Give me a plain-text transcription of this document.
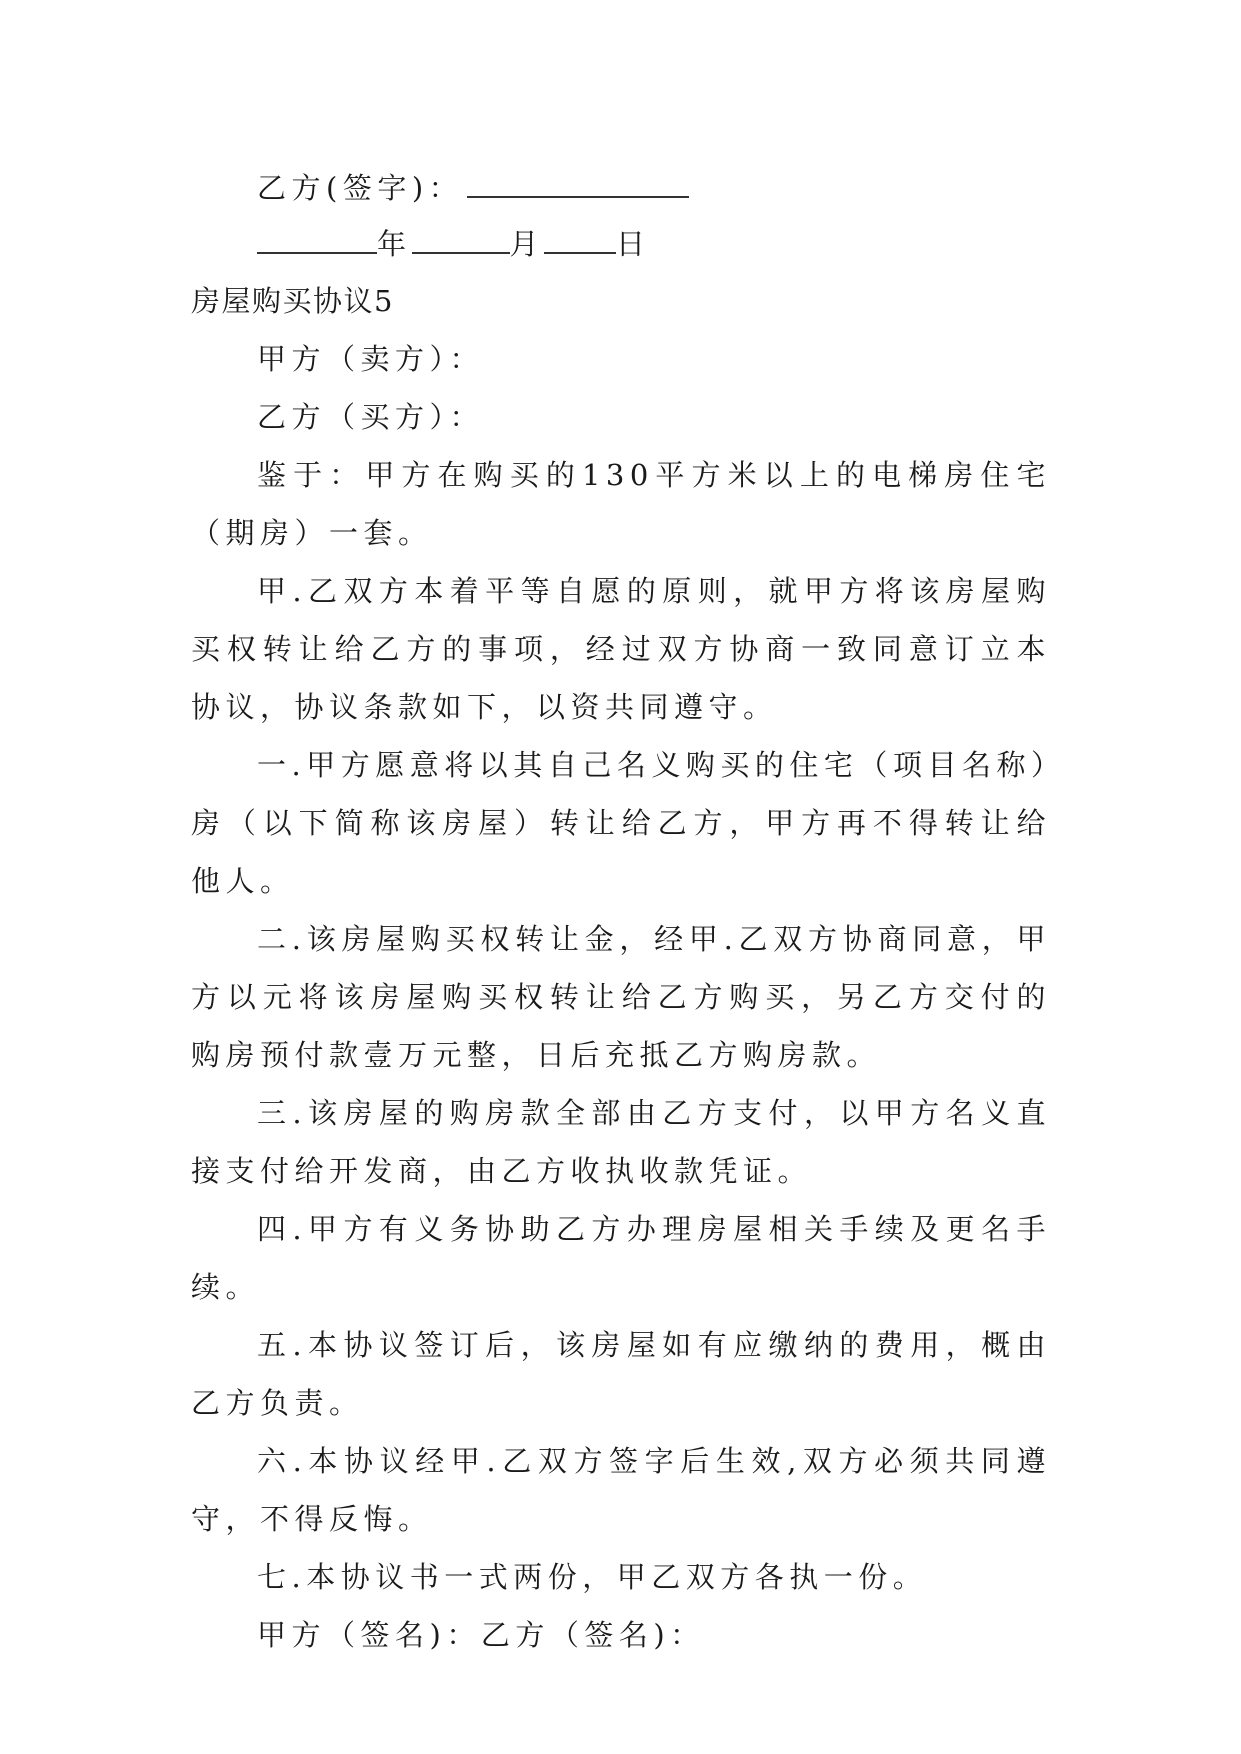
乙方(签字)：
年	月 日

房屋购买协议5

甲方（卖方）：

乙方（买方）：

鉴于：甲方在购买的130平方米以上的电梯房住宅（期房）一套。

甲.乙双方本着平等自愿的原则，就甲方将该房屋购买权转让给乙方的事项，经过双方协商一致同意订立本协议，协议条款如下，以资共同遵守。

一.甲方愿意将以其自己名义购买的住宅（项目名称）房（以下简称该房屋）转让给乙方，甲方再不得转让给他人。

二.该房屋购买权转让金，经甲.乙双方协商同意，甲方以元将该房屋购买权转让给乙方购买，另乙方交付的购房预付款壹万元整，日后充抵乙方购房款。

三.该房屋的购房款全部由乙方支付，以甲方名义直接支付给开发商，由乙方收执收款凭证。

四.甲方有义务协助乙方办理房屋相关手续及更名手续。

五.本协议签订后，该房屋如有应缴纳的费用，概由乙方负责。

六.本协议经甲.乙双方签字后生效,双方必须共同遵守，不得反悔。

七.本协议书一式两份，甲乙双方各执一份。

甲方（签名)：乙方（签名)：
